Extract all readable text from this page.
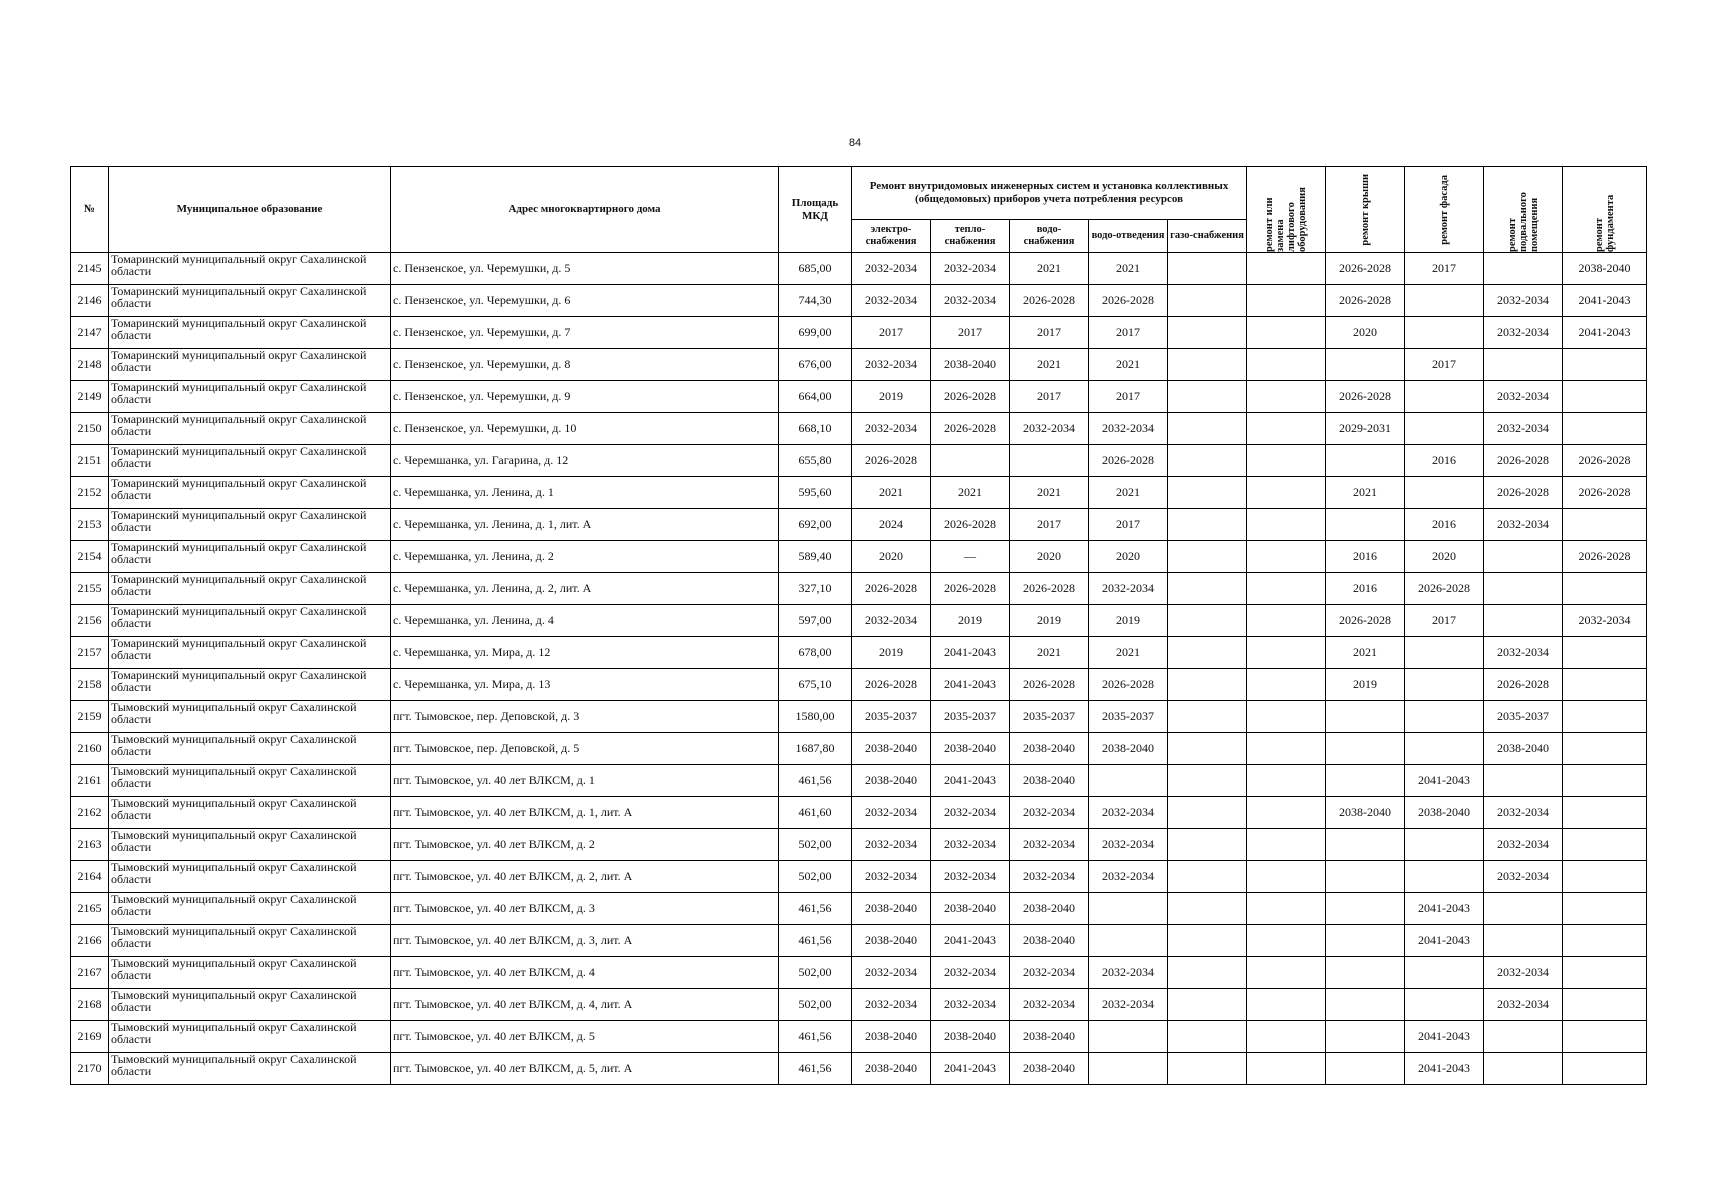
84
№	Муниципальное образование	Адрес многоквартирного дома	Площадь МКД	Ремонт внутридомовых инженерных систем и установка коллективных (общедомовых) приборов учета потребления ресурсов					ремонт или замена лифтового оборудования	ремонт крыши	ремонт фасада	ремонт подвального помещения	ремонт фундамента

				электро-снабжения	тепло-снабжения	водо-снабжения	водо-отведения	газо-снабжения					
2145	Томаринский муниципальный округ Сахалинской области	с. Пензенское, ул. Черемушки, д. 5	685,00	2032-2034	2032-2034	2021	2021			2026-2028	2017		2038-2040
2146	Томаринский муниципальный округ Сахалинской области	с. Пензенское, ул. Черемушки, д. 6	744,30	2032-2034	2032-2034	2026-2028	2026-2028			2026-2028		2032-2034	2041-2043
2147	Томаринский муниципальный округ Сахалинской области	с. Пензенское, ул. Черемушки, д. 7	699,00	2017	2017	2017	2017			2020		2032-2034	2041-2043
2148	Томаринский муниципальный округ Сахалинской области	с. Пензенское, ул. Черемушки, д. 8	676,00	2032-2034	2038-2040	2021	2021				2017		
2149	Томаринский муниципальный округ Сахалинской области	с. Пензенское, ул. Черемушки, д. 9	664,00	2019	2026-2028	2017	2017			2026-2028		2032-2034	
2150	Томаринский муниципальный округ Сахалинской области	с. Пензенское, ул. Черемушки, д. 10	668,10	2032-2034	2026-2028	2032-2034	2032-2034			2029-2031		2032-2034	
2151	Томаринский муниципальный округ Сахалинской области	с. Черемшанка, ул. Гагарина, д. 12	655,80	2026-2028			2026-2028				2016	2026-2028	2026-2028
2152	Томаринский муниципальный округ Сахалинской области	с. Черемшанка, ул. Ленина, д. 1	595,60	2021	2021	2021	2021			2021		2026-2028	2026-2028
2153	Томаринский муниципальный округ Сахалинской области	с. Черемшанка, ул. Ленина, д. 1, лит. А	692,00	2024	2026-2028	2017	2017				2016	2032-2034	
2154	Томаринский муниципальный округ Сахалинской области	с. Черемшанка, ул. Ленина, д. 2	589,40	2020	—	2020	2020			2016	2020		2026-2028
2155	Томаринский муниципальный округ Сахалинской области	с. Черемшанка, ул. Ленина, д. 2, лит. А	327,10	2026-2028	2026-2028	2026-2028	2032-2034			2016	2026-2028		
2156	Томаринский муниципальный округ Сахалинской области	с. Черемшанка, ул. Ленина, д. 4	597,00	2032-2034	2019	2019	2019			2026-2028	2017		2032-2034
2157	Томаринский муниципальный округ Сахалинской области	с. Черемшанка, ул. Мира, д. 12	678,00	2019	2041-2043	2021	2021			2021		2032-2034	
2158	Томаринский муниципальный округ Сахалинской области	с. Черемшанка, ул. Мира, д. 13	675,10	2026-2028	2041-2043	2026-2028	2026-2028			2019		2026-2028	
2159	Тымовский муниципальный округ Сахалинской области	пгт. Тымовское, пер. Деповской, д. 3	1580,00	2035-2037	2035-2037	2035-2037	2035-2037					2035-2037	
2160	Тымовский муниципальный округ Сахалинской области	пгт. Тымовское, пер. Деповской, д. 5	1687,80	2038-2040	2038-2040	2038-2040	2038-2040					2038-2040	
2161	Тымовский муниципальный округ Сахалинской области	пгт. Тымовское, ул. 40 лет ВЛКСМ, д. 1	461,56	2038-2040	2041-2043	2038-2040					2041-2043		
2162	Тымовский муниципальный округ Сахалинской области	пгт. Тымовское, ул. 40 лет ВЛКСМ, д. 1, лит. А	461,60	2032-2034	2032-2034	2032-2034	2032-2034			2038-2040	2038-2040	2032-2034	
2163	Тымовский муниципальный округ Сахалинской области	пгт. Тымовское, ул. 40 лет ВЛКСМ, д. 2	502,00	2032-2034	2032-2034	2032-2034	2032-2034					2032-2034	
2164	Тымовский муниципальный округ Сахалинской области	пгт. Тымовское, ул. 40 лет ВЛКСМ, д. 2, лит. А	502,00	2032-2034	2032-2034	2032-2034	2032-2034					2032-2034	
2165	Тымовский муниципальный округ Сахалинской области	пгт. Тымовское, ул. 40 лет ВЛКСМ, д. 3	461,56	2038-2040	2038-2040	2038-2040					2041-2043		
2166	Тымовский муниципальный округ Сахалинской области	пгт. Тымовское, ул. 40 лет ВЛКСМ, д. 3, лит. А	461,56	2038-2040	2041-2043	2038-2040					2041-2043		
2167	Тымовский муниципальный округ Сахалинской области	пгт. Тымовское, ул. 40 лет ВЛКСМ, д. 4	502,00	2032-2034	2032-2034	2032-2034	2032-2034					2032-2034	
2168	Тымовский муниципальный округ Сахалинской области	пгт. Тымовское, ул. 40 лет ВЛКСМ, д. 4, лит. А	502,00	2032-2034	2032-2034	2032-2034	2032-2034					2032-2034	
2169	Тымовский муниципальный округ Сахалинской области	пгт. Тымовское, ул. 40 лет ВЛКСМ, д. 5	461,56	2038-2040	2038-2040	2038-2040					2041-2043		
2170	Тымовский муниципальный округ Сахалинской области	пгт. Тымовское, ул. 40 лет ВЛКСМ, д. 5, лит. А	461,56	2038-2040	2041-2043	2038-2040					2041-2043		
